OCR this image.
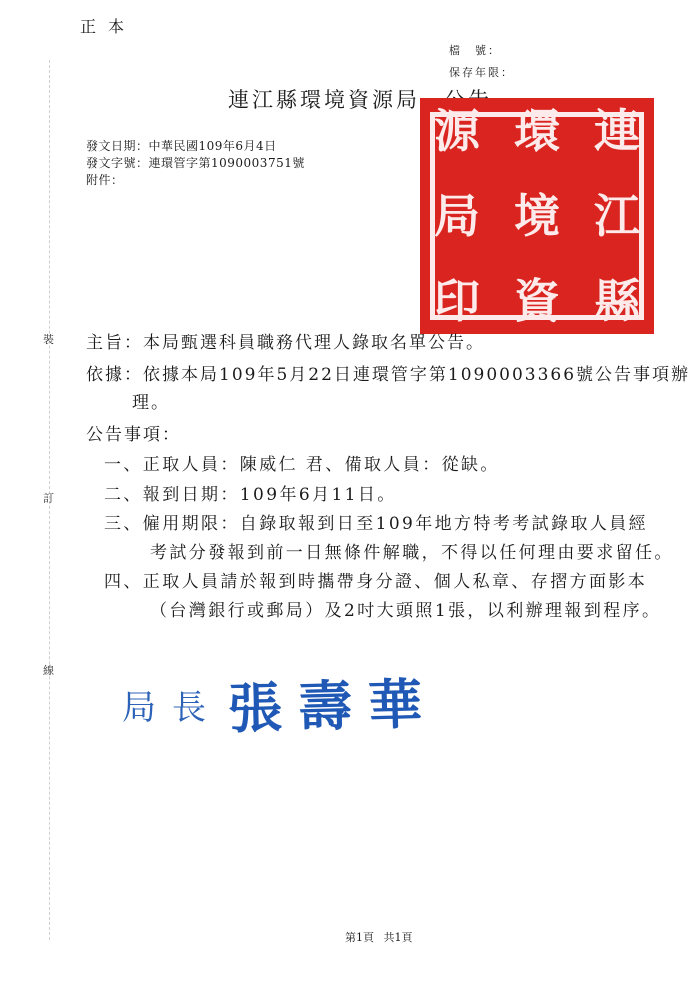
正本
檔　號：
保存年限：
連江縣環境資源局
發文日期：中華民國109年6月4日
發文字號：連環管字第1090003751號
附件：
連
江
縣
環
境
資
源
局
印
裝
訂
線
主旨：本局甄選科員職務代理人錄取名單公告。
依據：依據本局109年5月22日連環管字第1090003366號公告事項辦
理。
公告事項：
一、正取人員：陳威仁 君、備取人員：從缺。
二、報到日期：109年6月11日。
三、僱用期限：自錄取報到日至109年地方特考考試錄取人員經
考試分發報到前一日無條件解職，不得以任何理由要求留任。
四、正取人員請於報到時攜帶身分證、個人私章、存摺方面影本
（台灣銀行或郵局）及2吋大頭照1張，以利辦理報到程序。
局長 張壽華
第1頁 共1頁
